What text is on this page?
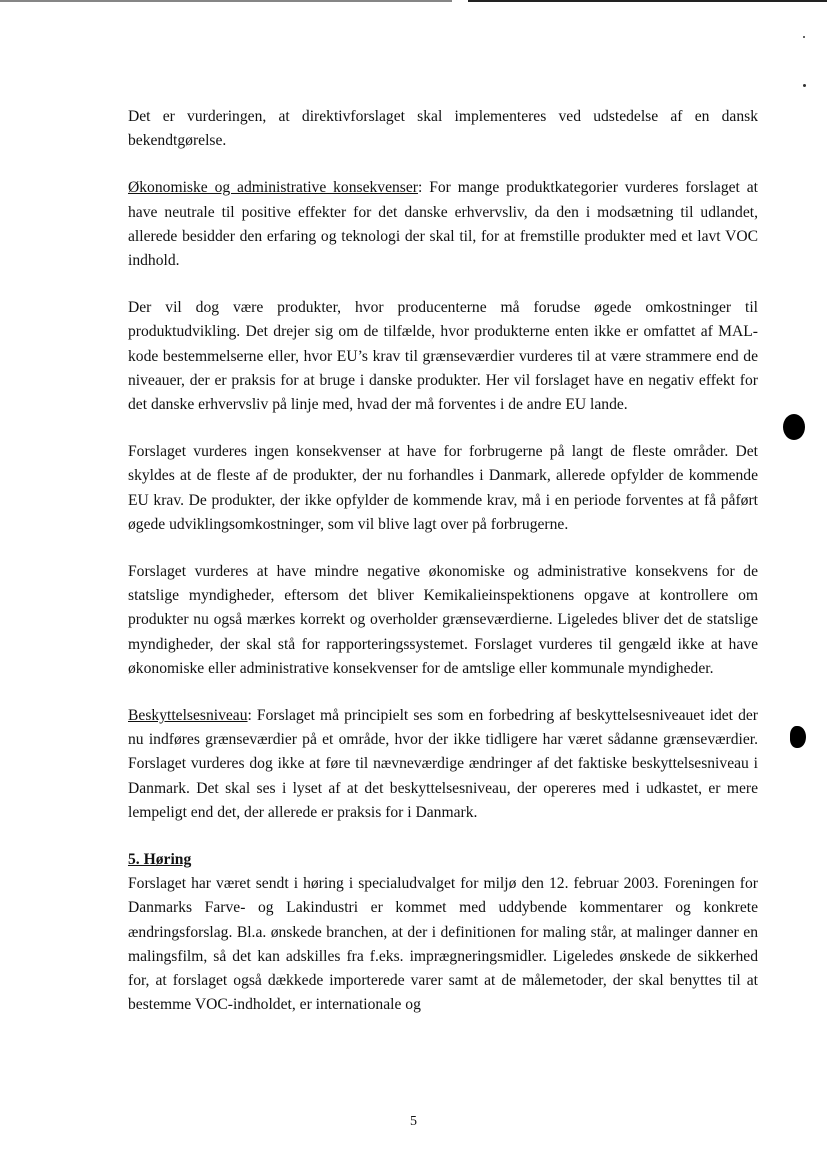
Det er vurderingen, at direktivforslaget skal implementeres ved udstedelse af en dansk bekendtgørelse.

Økonomiske og administrative konsekvenser: For mange produktkategorier vurderes forslaget at have neutrale til positive effekter for det danske erhvervsliv, da den i modsætning til udlandet, allerede besidder den erfaring og teknologi der skal til, for at fremstille produkter med et lavt VOC indhold.

Der vil dog være produkter, hvor producenterne må forudse øgede omkostninger til produktudvikling. Det drejer sig om de tilfælde, hvor produkterne enten ikke er omfattet af MAL-kode bestemmelserne eller, hvor EU’s krav til grænseværdier vurderes til at være strammere end de niveauer, der er praksis for at bruge i danske produkter. Her vil forslaget have en negativ effekt for det danske erhvervsliv på linje med, hvad der må forventes i de andre EU lande.

Forslaget vurderes ingen konsekvenser at have for forbrugerne på langt de fleste områder. Det skyldes at de fleste af de produkter, der nu forhandles i Danmark, allerede opfylder de kommende EU krav. De produkter, der ikke opfylder de kommende krav, må i en periode forventes at få påført øgede udviklingsomkostninger, som vil blive lagt over på forbrugerne.

Forslaget vurderes at have mindre negative økonomiske og administrative konsekvens for de statslige myndigheder, eftersom det bliver Kemikalieinspektionens opgave at kontrollere om produkter nu også mærkes korrekt og overholder grænseværdierne. Ligeledes bliver det de statslige myndigheder, der skal stå for rapporteringssystemet. Forslaget vurderes til gengæld ikke at have økonomiske eller administrative konsekvenser for de amtslige eller kommunale myndigheder.

Beskyttelsesniveau: Forslaget må principielt ses som en forbedring af beskyttelsesniveauet idet der nu indføres grænseværdier på et område, hvor der ikke tidligere har været sådanne grænseværdier. Forslaget vurderes dog ikke at føre til nævneværdige ændringer af det faktiske beskyttelsesniveau i Danmark. Det skal ses i lyset af at det beskyttelsesniveau, der opereres med i udkastet, er mere lempeligt end det, der allerede er praksis for i Danmark.

5. Høring

Forslaget har været sendt i høring i specialudvalget for miljø den 12. februar 2003. Foreningen for Danmarks Farve- og Lakindustri er kommet med uddybende kommentarer og konkrete ændringsforslag. Bl.a. ønskede branchen, at der i definitionen for maling står, at malinger danner en malingsfilm, så det kan adskilles fra f.eks. imprægneringsmidler. Ligeledes ønskede de sikkerhed for, at forslaget også dækkede importerede varer samt at de målemetoder, der skal benyttes til at bestemme VOC-indholdet, er internationale og

5
